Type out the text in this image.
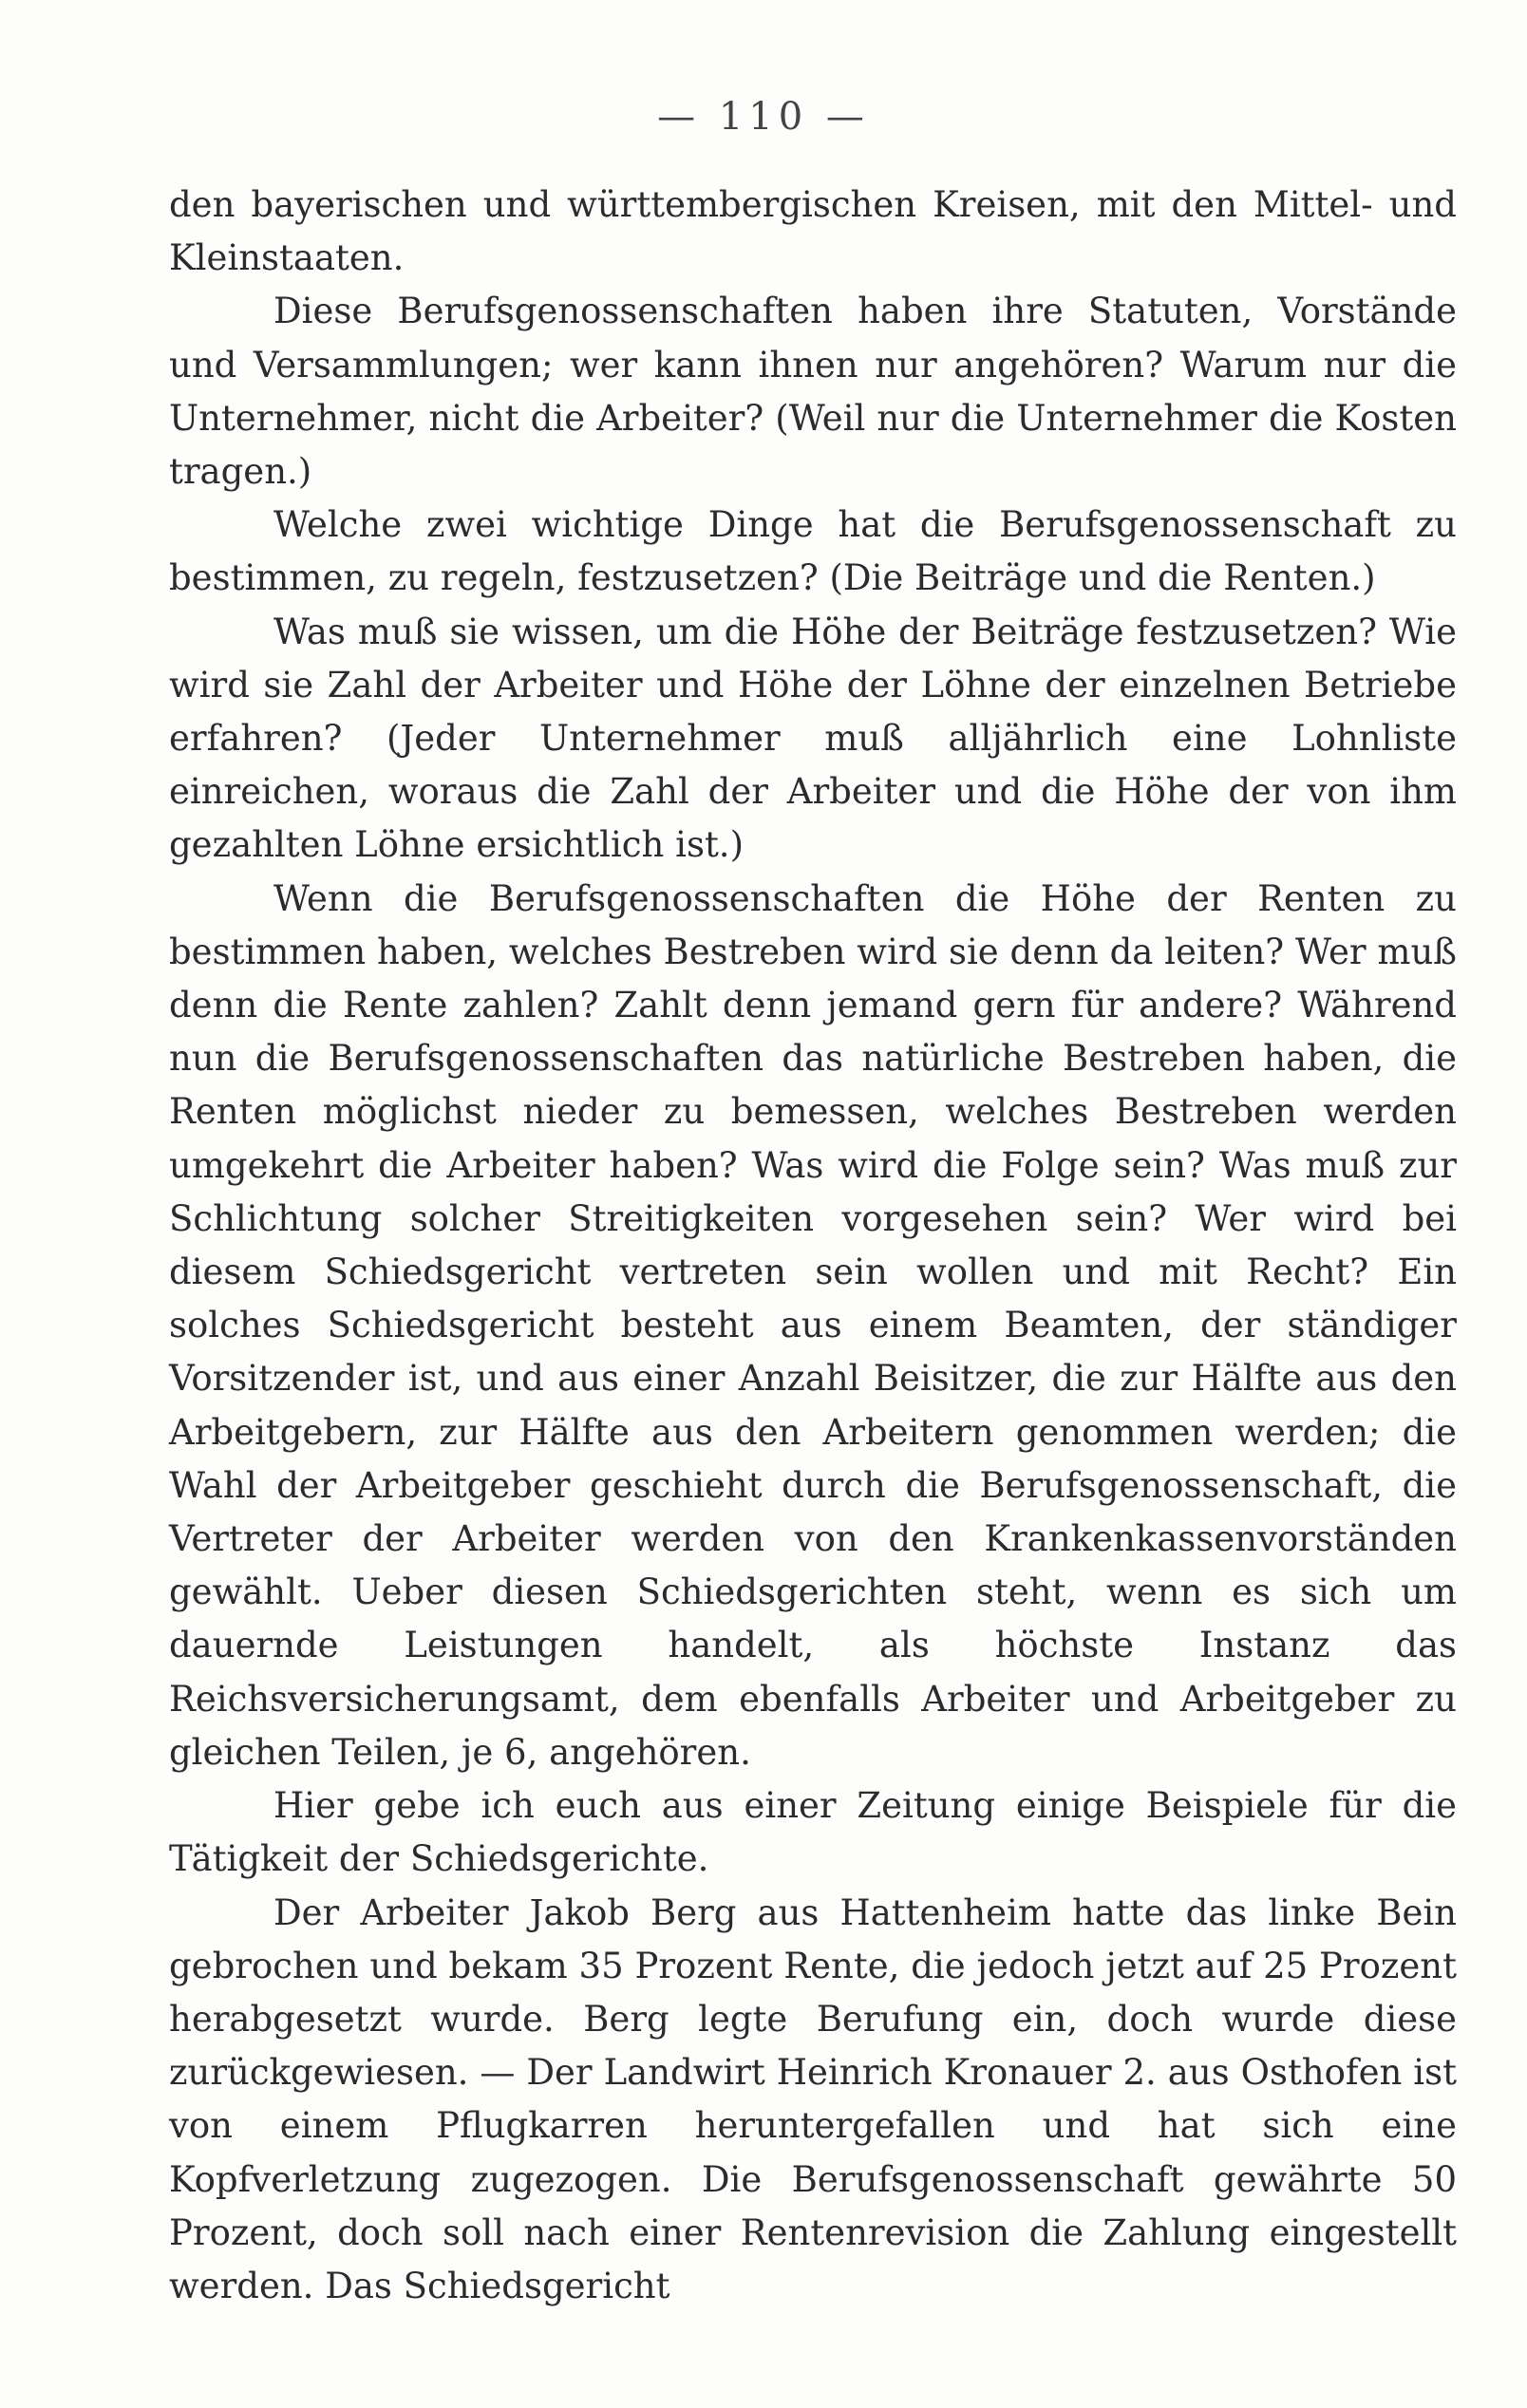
— 110 —

den bayerischen und württembergischen Kreisen, mit den Mittel- und Kleinstaaten.

Diese Berufsgenossenschaften haben ihre Statuten, Vorstände und Versammlungen; wer kann ihnen nur angehören? Warum nur die Unternehmer, nicht die Arbeiter? (Weil nur die Unternehmer die Kosten tragen.)

Welche zwei wichtige Dinge hat die Berufsgenossenschaft zu bestimmen, zu regeln, festzusetzen? (Die Beiträge und die Renten.)

Was muß sie wissen, um die Höhe der Beiträge festzusetzen? Wie wird sie Zahl der Arbeiter und Höhe der Löhne der einzelnen Betriebe erfahren? (Jeder Unternehmer muß alljährlich eine Lohnliste einreichen, woraus die Zahl der Arbeiter und die Höhe der von ihm gezahlten Löhne ersichtlich ist.)

Wenn die Berufsgenossenschaften die Höhe der Renten zu bestimmen haben, welches Bestreben wird sie denn da leiten? Wer muß denn die Rente zahlen? Zahlt denn jemand gern für andere? Während nun die Berufsgenossenschaften das natürliche Bestreben haben, die Renten möglichst nieder zu bemessen, welches Bestreben werden umgekehrt die Arbeiter haben? Was wird die Folge sein? Was muß zur Schlichtung solcher Streitigkeiten vorgesehen sein? Wer wird bei diesem Schiedsgericht vertreten sein wollen und mit Recht? Ein solches Schiedsgericht besteht aus einem Beamten, der ständiger Vorsitzender ist, und aus einer Anzahl Beisitzer, die zur Hälfte aus den Arbeitgebern, zur Hälfte aus den Arbeitern genommen werden; die Wahl der Arbeitgeber geschieht durch die Berufsgenossenschaft, die Vertreter der Arbeiter werden von den Krankenkassenvorständen gewählt. Ueber diesen Schiedsgerichten steht, wenn es sich um dauernde Leistungen handelt, als höchste Instanz das Reichsversicherungsamt, dem ebenfalls Arbeiter und Arbeitgeber zu gleichen Teilen, je 6, angehören.

Hier gebe ich euch aus einer Zeitung einige Beispiele für die Tätigkeit der Schiedsgerichte.

Der Arbeiter Jakob Berg aus Hattenheim hatte das linke Bein gebrochen und bekam 35 Prozent Rente, die jedoch jetzt auf 25 Prozent herabgesetzt wurde. Berg legte Berufung ein, doch wurde diese zurückgewiesen. — Der Landwirt Heinrich Kronauer 2. aus Osthofen ist von einem Pflugkarren heruntergefallen und hat sich eine Kopfverletzung zugezogen. Die Berufsgenossenschaft gewährte 50 Prozent, doch soll nach einer Rentenrevision die Zahlung eingestellt werden. Das Schiedsgericht
